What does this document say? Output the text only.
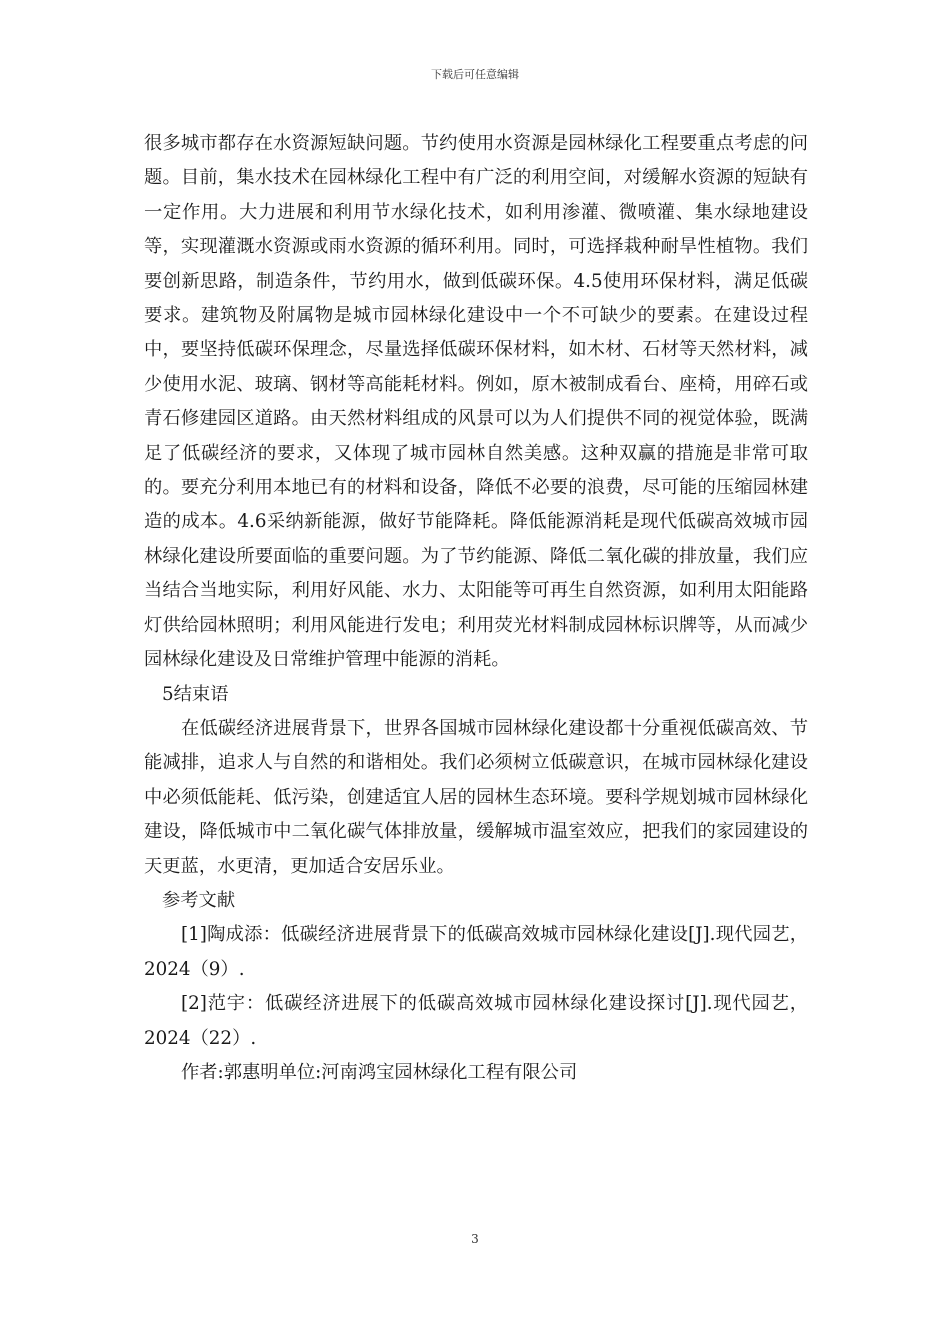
下载后可任意编辑

很多城市都存在水资源短缺问题。节约使用水资源是园林绿化工程要重点考虑的问题。目前，集水技术在园林绿化工程中有广泛的利用空间，对缓解水资源的短缺有一定作用。大力进展和利用节水绿化技术，如利用渗灌、微喷灌、集水绿地建设等，实现灌溉水资源或雨水资源的循环利用。同时，可选择栽种耐旱性植物。我们要创新思路，制造条件，节约用水，做到低碳环保。4.5使用环保材料，满足低碳要求。建筑物及附属物是城市园林绿化建设中一个不可缺少的要素。在建设过程中，要坚持低碳环保理念，尽量选择低碳环保材料，如木材、石材等天然材料，减少使用水泥、玻璃、钢材等高能耗材料。例如，原木被制成看台、座椅，用碎石或青石修建园区道路。由天然材料组成的风景可以为人们提供不同的视觉体验，既满足了低碳经济的要求，又体现了城市园林自然美感。这种双赢的措施是非常可取的。要充分利用本地已有的材料和设备，降低不必要的浪费，尽可能的压缩园林建造的成本。4.6采纳新能源，做好节能降耗。降低能源消耗是现代低碳高效城市园林绿化建设所要面临的重要问题。为了节约能源、降低二氧化碳的排放量，我们应当结合当地实际，利用好风能、水力、太阳能等可再生自然资源，如利用太阳能路灯供给园林照明；利用风能进行发电；利用荧光材料制成园林标识牌等，从而减少园林绿化建设及日常维护管理中能源的消耗。

5结束语

在低碳经济进展背景下，世界各国城市园林绿化建设都十分重视低碳高效、节能减排，追求人与自然的和谐相处。我们必须树立低碳意识，在城市园林绿化建设中必须低能耗、低污染，创建适宜人居的园林生态环境。要科学规划城市园林绿化建设，降低城市中二氧化碳气体排放量，缓解城市温室效应，把我们的家园建设的天更蓝，水更清，更加适合安居乐业。

参考文献

[1]陶成添：低碳经济进展背景下的低碳高效城市园林绿化建设[J].现代园艺，2024（9）.

[2]范宇：低碳经济进展下的低碳高效城市园林绿化建设探讨[J].现代园艺，2024（22）.

作者:郭惠明单位:河南鸿宝园林绿化工程有限公司

3
